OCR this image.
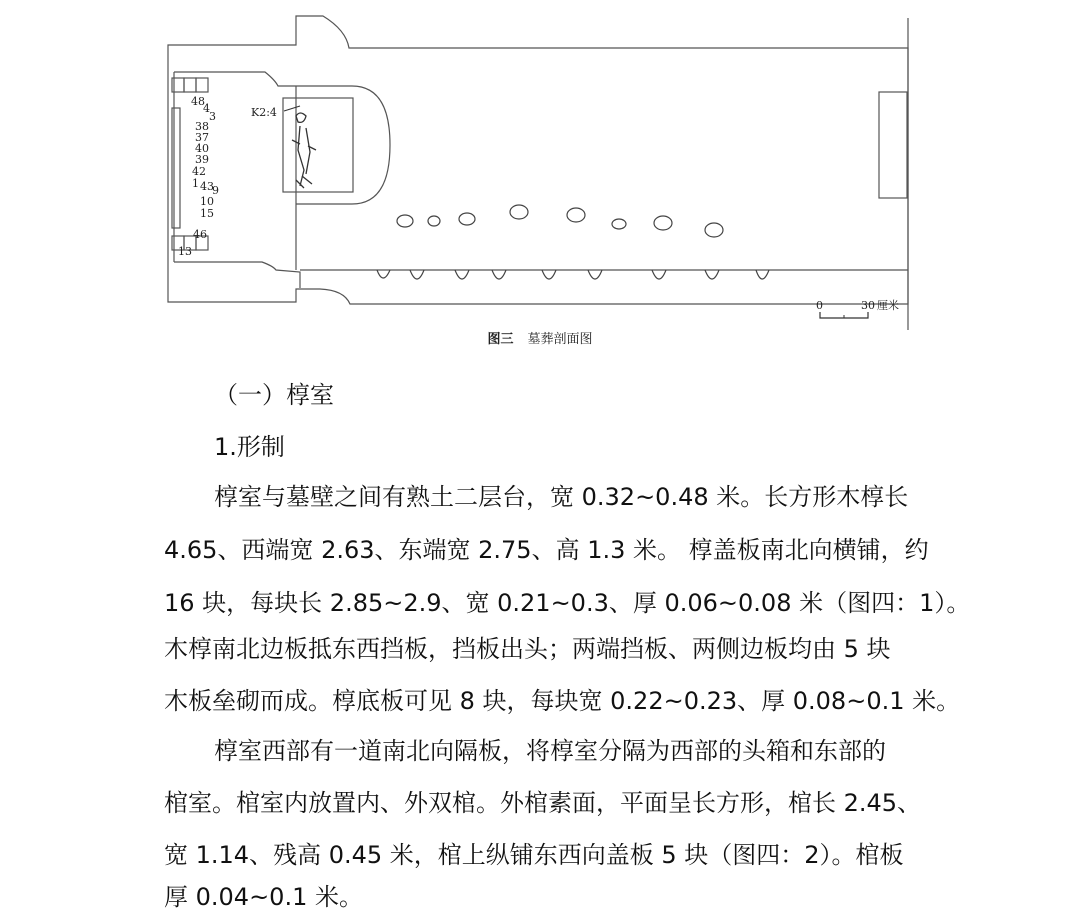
K2:4
48
4
3
38
37
40
39
42
1 43
9
10
15
46
13
0	30 厘米
图三 墓葬剖面图
（一）椁室
1.形制
椁室与墓壁之间有熟土二层台，宽 0.32~0.48 米。长方形木椁长
4.65、西端宽 2.63、东端宽 2.75、高 1.3 米。 椁盖板南北向横铺，约
16 块，每块长 2.85~2.9、宽 0.21~0.3、厚 0.06~0.08 米（图四：1）。
木椁南北边板抵东西挡板，挡板出头；两端挡板、两侧边板均由 5 块
木板垒砌而成。椁底板可见 8 块，每块宽 0.22~0.23、厚 0.08~0.1 米。
椁室西部有一道南北向隔板，将椁室分隔为西部的头箱和东部的
棺室。棺室内放置内、外双棺。外棺素面，平面呈长方形，棺长 2.45、
宽 1.14、残高 0.45 米，棺上纵铺东西向盖板 5 块（图四：2）。棺板
厚 0.04~0.1 米。
